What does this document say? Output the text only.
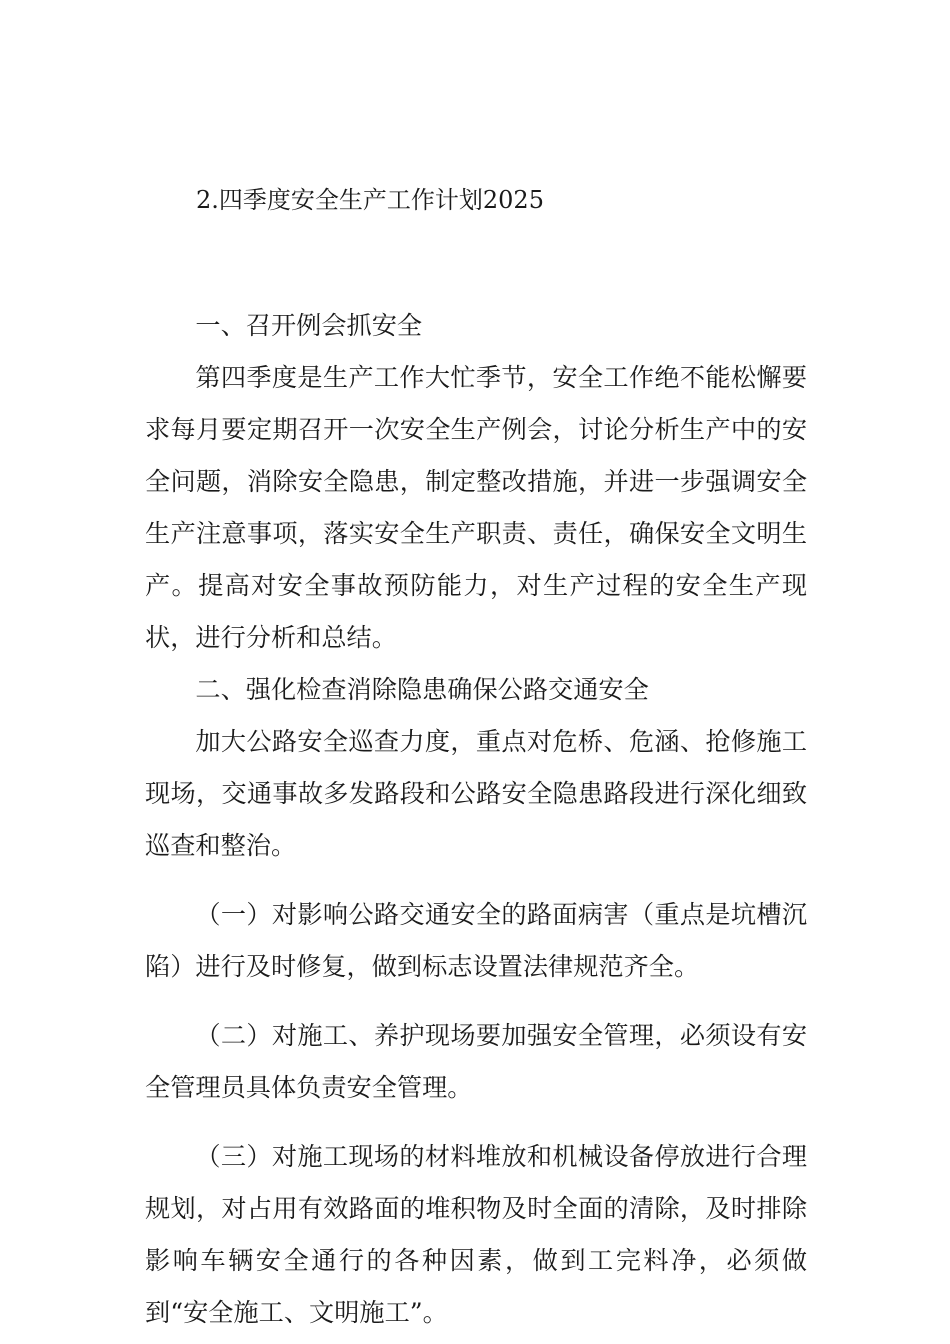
2.四季度安全生产工作计划2025

一、召开例会抓安全

第四季度是生产工作大忙季节，安全工作绝不能松懈要求每月要定期召开一次安全生产例会，讨论分析生产中的安全问题，消除安全隐患，制定整改措施，并进一步强调安全生产注意事项，落实安全生产职责、责任，确保安全文明生产。提高对安全事故预防能力，对生产过程的安全生产现状，进行分析和总结。

二、强化检查消除隐患确保公路交通安全

加大公路安全巡查力度，重点对危桥、危涵、抢修施工现场，交通事故多发路段和公路安全隐患路段进行深化细致巡查和整治。

（一）对影响公路交通安全的路面病害（重点是坑槽沉陷）进行及时修复，做到标志设置法律规范齐全。

（二）对施工、养护现场要加强安全管理，必须设有安全管理员具体负责安全管理。

（三）对施工现场的材料堆放和机械设备停放进行合理规划，对占用有效路面的堆积物及时全面的清除，及时排除影响车辆安全通行的各种因素，做到工完料净，必须做到“安全施工、文明施工”。
